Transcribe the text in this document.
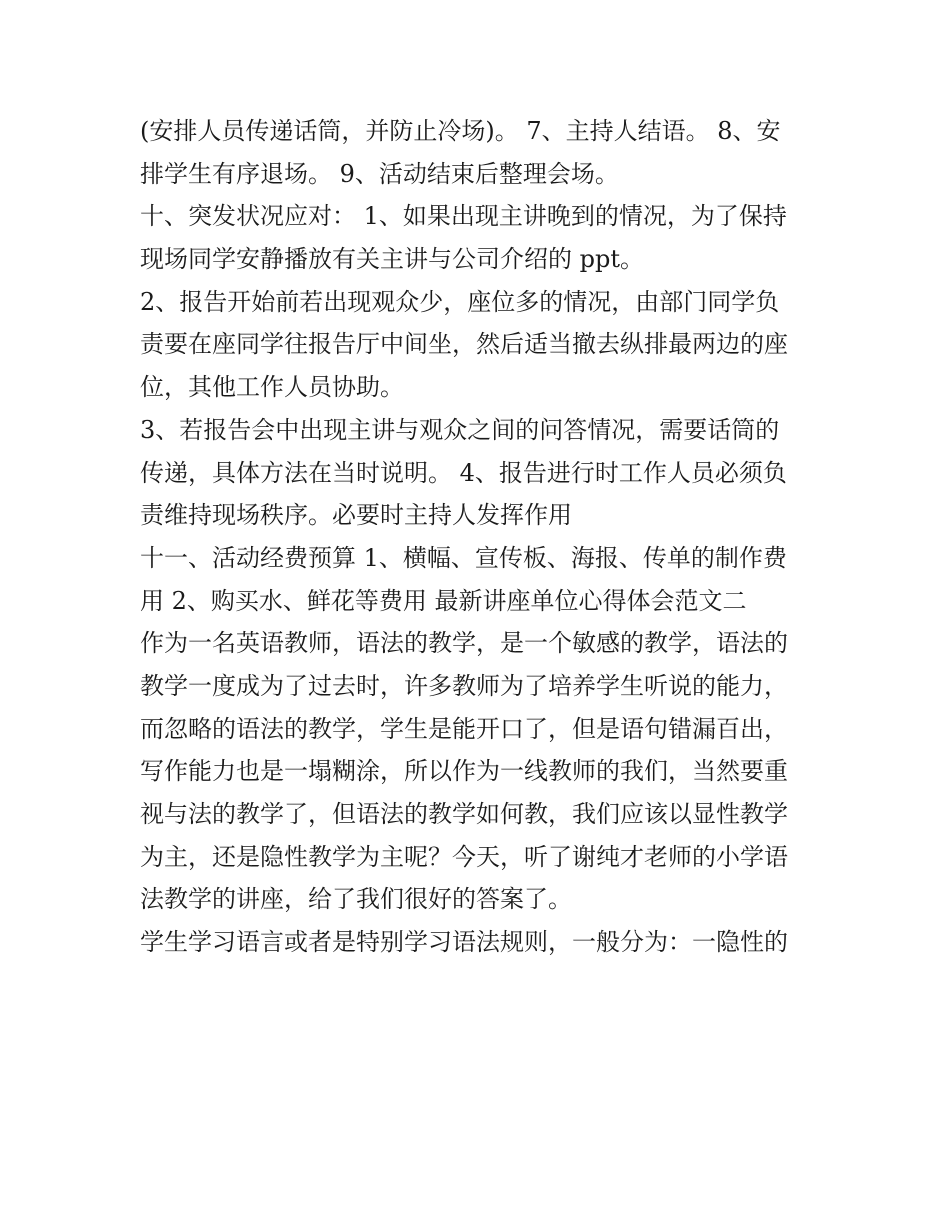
(安排人员传递话筒，并防止冷场)。 7、主持人结语。 8、安
排学生有序退场。 9、活动结束后整理会场。
十、突发状况应对： 1、如果出现主讲晚到的情况，为了保持
现场同学安静播放有关主讲与公司介绍的 ppt。
2、报告开始前若出现观众少，座位多的情况，由部门同学负
责要在座同学往报告厅中间坐，然后适当撤去纵排最两边的座
位，其他工作人员协助。
3、若报告会中出现主讲与观众之间的问答情况，需要话筒的
传递，具体方法在当时说明。 4、报告进行时工作人员必须负
责维持现场秩序。必要时主持人发挥作用
十一、活动经费预算 1、横幅、宣传板、海报、传单的制作费
用 2、购买水、鲜花等费用 最新讲座单位心得体会范文二
作为一名英语教师，语法的教学，是一个敏感的教学，语法的
教学一度成为了过去时，许多教师为了培养学生听说的能力，
而忽略的语法的教学，学生是能开口了，但是语句错漏百出，
写作能力也是一塌糊涂，所以作为一线教师的我们，当然要重
视与法的教学了，但语法的教学如何教，我们应该以显性教学
为主，还是隐性教学为主呢？今天，听了谢纯才老师的小学语
法教学的讲座，给了我们很好的答案了。
学生学习语言或者是特别学习语法规则，一般分为：一隐性的
